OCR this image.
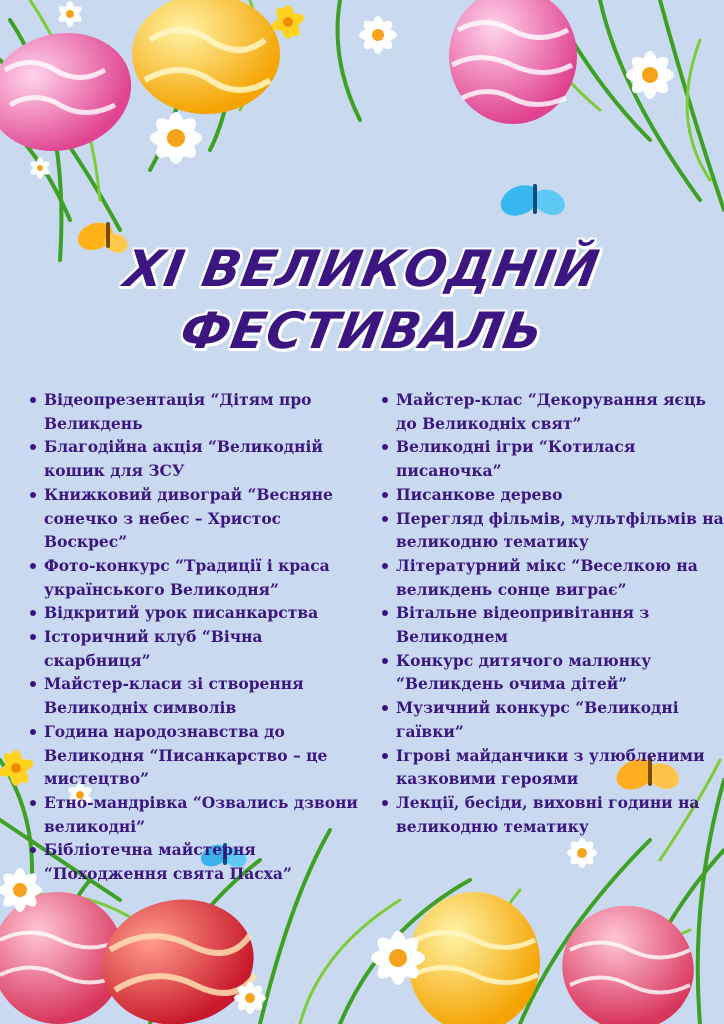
XI ВЕЛИКОДНІЙ
ФЕСТИВАЛЬ
Відеопрезентація “Дітям про Великдень
Благодійна акція “Великодній кошик для ЗСУ
Книжковий дивограй “Весняне сонечко з небес – Христос Воскрес”
Фото-конкурс “Традиції і краса українського Великодня”
Відкритий урок писанкарства
Історичний клуб “Вічна скарбниця”
Майстер-класи зі створення Великодніх символів
Година народознавства до Великодня “Писанкарство – це мистецтво”
Етно-мандрівка “Озвались дзвони великодні”
Бібліотечна майстерня “Походження свята Пасха”
Майстер-клас “Декорування яєць до Великодніх свят”
Великодні ігри “Котилася писаночка”
Писанкове дерево
Перегляд фільмів, мультфільмів на великодню тематику
Літературний мікс “Веселкою на великдень сонце виграє”
Вітальне відеопривітання з Великоднем
Конкурс дитячого малюнку “Великдень очима дітей”
Музичний конкурс “Великодні гаївки”
Ігрові майданчики з улюбленими казковими героями
Лекції, бесіди, виховні години на великодню тематику
